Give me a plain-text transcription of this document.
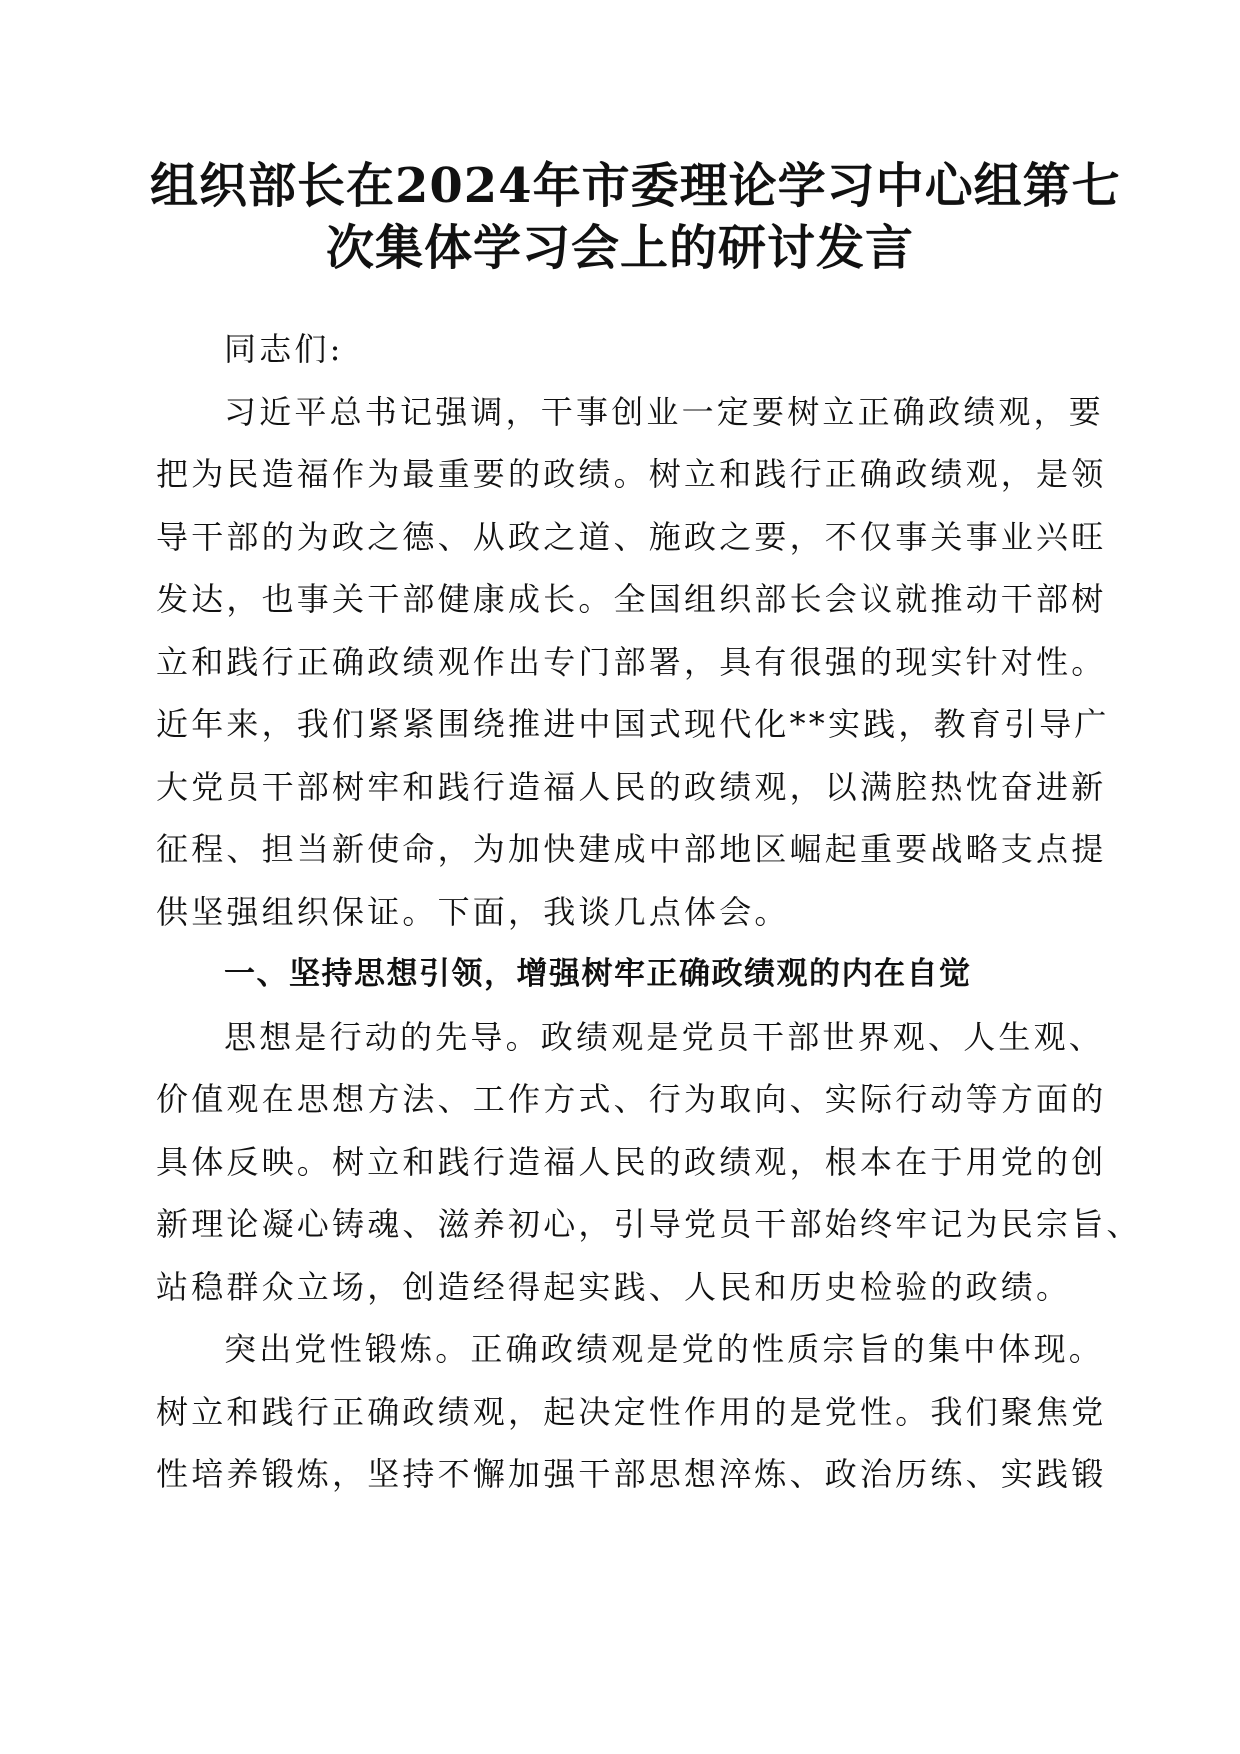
组织部长在2024年市委理论学习中心组第七
次集体学习会上的研讨发言

同志们:

习近平总书记强调，干事创业一定要树立正确政绩观，要
把为民造福作为最重要的政绩。树立和践行正确政绩观，是领
导干部的为政之德、从政之道、施政之要，不仅事关事业兴旺
发达，也事关干部健康成长。全国组织部长会议就推动干部树
立和践行正确政绩观作出专门部署，具有很强的现实针对性。
近年来，我们紧紧围绕推进中国式现代化**实践，教育引导广
大党员干部树牢和践行造福人民的政绩观，以满腔热忱奋进新
征程、担当新使命，为加快建成中部地区崛起重要战略支点提
供坚强组织保证。下面，我谈几点体会。

一、坚持思想引领，增强树牢正确政绩观的内在自觉

思想是行动的先导。政绩观是党员干部世界观、人生观、
价值观在思想方法、工作方式、行为取向、实际行动等方面的
具体反映。树立和践行造福人民的政绩观，根本在于用党的创
新理论凝心铸魂、滋养初心，引导党员干部始终牢记为民宗旨、
站稳群众立场，创造经得起实践、人民和历史检验的政绩。

突出党性锻炼。正确政绩观是党的性质宗旨的集中体现。
树立和践行正确政绩观，起决定性作用的是党性。我们聚焦党
性培养锻炼，坚持不懈加强干部思想淬炼、政治历练、实践锻
